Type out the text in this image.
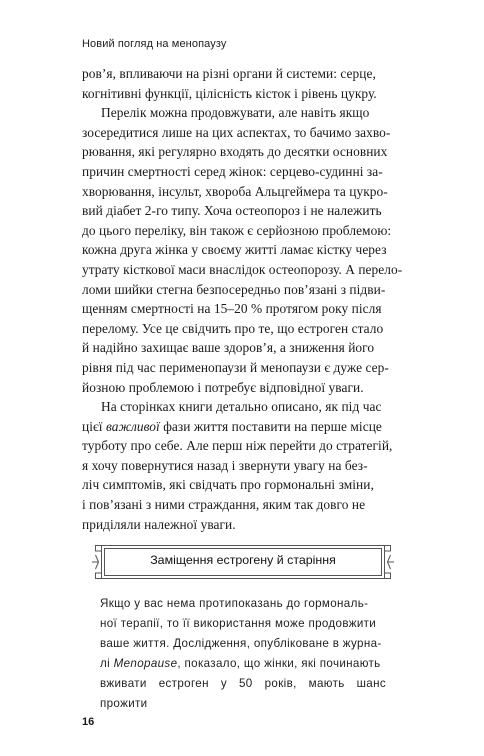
Новий погляд на менопаузу

ров’я, впливаючи на різні органи й системи: серце,
когнітивні функції, цілісність кісток і рівень цукру.

Перелік можна продовжувати, але навіть якщо
зосередитися лише на цих аспектах, то бачимо захво-
рювання, які регулярно входять до десятки основних
причин смертності серед жінок: серцево-судинні за-
хворювання, інсульт, хвороба Альцгеймера та цукро-
вий діабет 2-го типу. Хоча остеопороз і не належить
до цього переліку, він також є серйозною проблемою:
кожна друга жінка у своєму житті ламає кістку через
утрату кісткової маси внаслідок остеопорозу. А перело-
ломи шийки стегна безпосередньо пов’язані з підви-
щенням смертності на 15–20 % протягом року після
перелому. Усе це свідчить про те, що естроген стало
й надійно захищає ваше здоров’я, а зниження його
рівня під час перименопаузи й менопаузи є дуже сер-
йозною проблемою і потребує відповідної уваги.

На сторінках книги детально описано, як під час
цієї важливої фази життя поставити на перше місце
турботу про себе. Але перш ніж перейти до стратегій,
я хочу повернутися назад і звернути увагу на без-
ліч симптомів, які свідчать про гормональні зміни,
і пов’язані з ними страждання, яким так довго не
приділяли належної уваги.

Заміщення естрогену й старіння

Якщо у вас нема протипоказань до гормональ-
ної терапії, то її використання може продовжити
ваше життя. Дослідження, опубліковане в журна-
лі Menopause, показало, що жінки, які починають
вживати естроген у 50 років, мають шанс прожити

16
